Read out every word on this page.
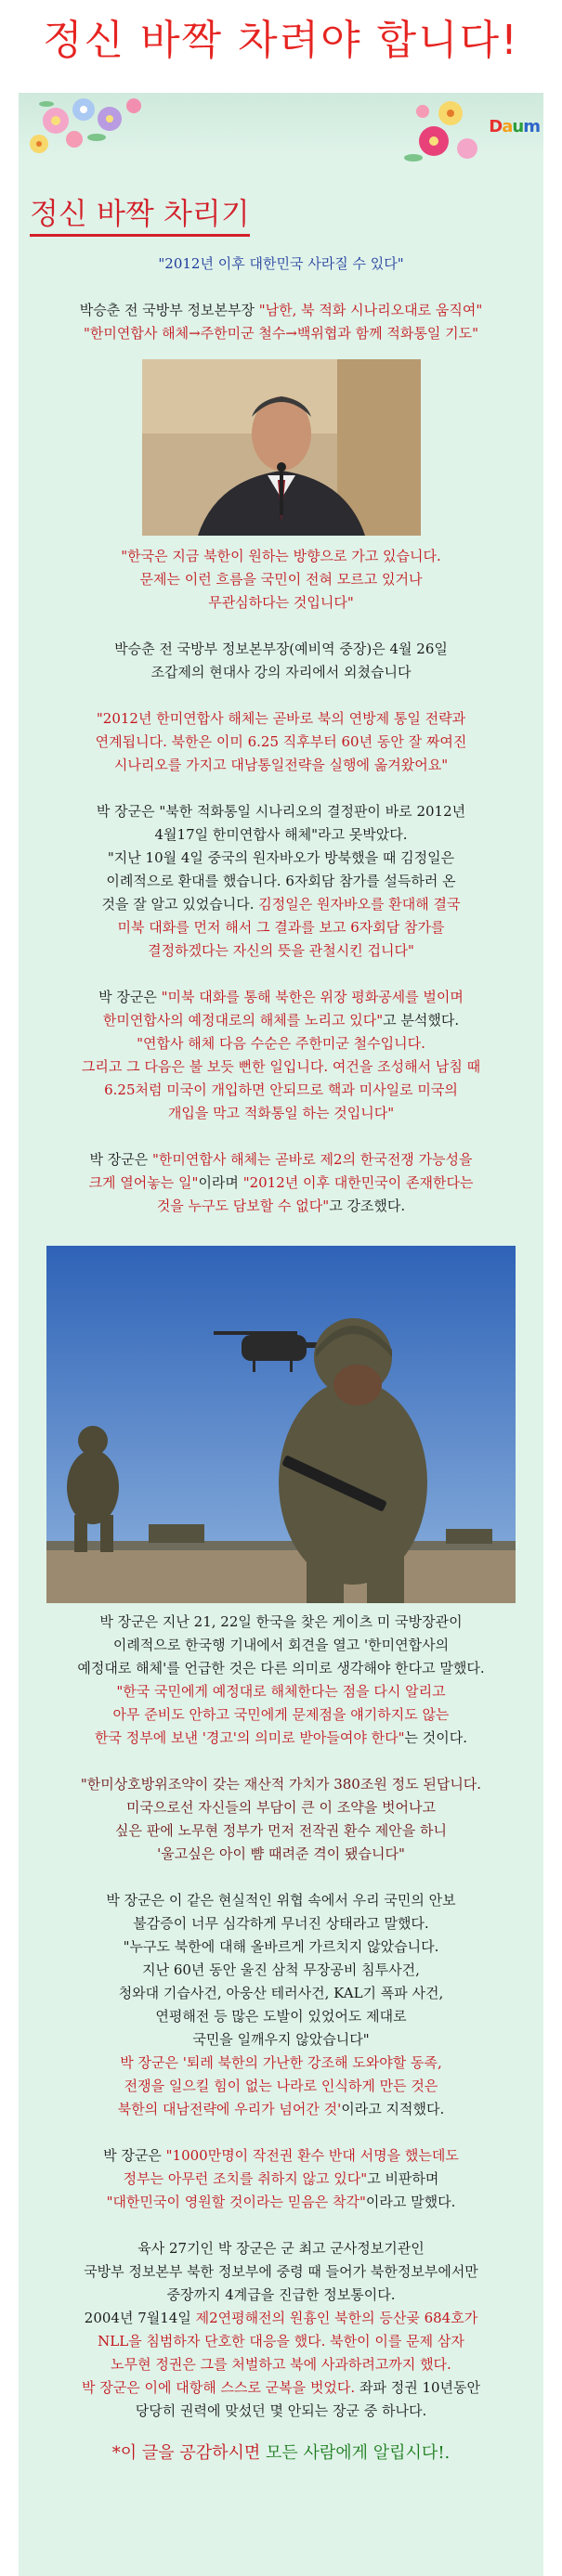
정신 바짝 차려야 합니다!
Daum
정신 바짝 차리기

"2012년 이후 대한민국 사라질 수 있다"

박승춘 전 국방부 정보본부장 "남한, 북 적화 시나리오대로 움직여"

"한미연합사 해체→주한미군 철수→백위협과 함께 적화통일 기도"

"한국은 지금 북한이 원하는 방향으로 가고 있습니다.

문제는 이런 흐름을 국민이 전혀 모르고 있거나

무관심하다는 것입니다"

박승춘 전 국방부 정보본부장(예비역 중장)은 4월 26일

조갑제의 현대사 강의 자리에서 외쳤습니다

"2012년 한미연합사 해체는 곧바로 북의 연방제 통일 전략과

연계됩니다. 북한은 이미 6.25 직후부터 60년 동안 잘 짜여진

시나리오를 가지고 대남통일전략을 실행에 옮겨왔어요"

박 장군은 "북한 적화통일 시나리오의 결정판이 바로 2012년

4월17일 한미연합사 해체"라고 못박았다.

"지난 10월 4일 중국의 원자바오가 방북했을 때 김정일은

이례적으로 환대를 했습니다. 6자회담 참가를 설득하러 온

것을 잘 알고 있었습니다. 김정일은 원자바오를 환대해 결국

미북 대화를 먼저 해서 그 결과를 보고 6자회담 참가를

결정하겠다는 자신의 뜻을 관철시킨 겁니다"

박 장군은 "미북 대화를 통해 북한은 위장 평화공세를 벌이며

한미연합사의 예정대로의 해체를 노리고 있다"고 분석했다.

"연합사 해체 다음 수순은 주한미군 철수입니다.

그리고 그 다음은 불 보듯 뻔한 일입니다. 여건을 조성해서 남침 때

6.25처럼 미국이 개입하면 안되므로 핵과 미사일로 미국의

개입을 막고 적화통일 하는 것입니다"

박 장군은 "한미연합사 해체는 곧바로 제2의 한국전쟁 가능성을

크게 열어놓는 일"이라며 "2012년 이후 대한민국이 존재한다는

것을 누구도 담보할 수 없다"고 강조했다.

박 장군은 지난 21, 22일 한국을 찾은 게이츠 미 국방장관이

이례적으로 한국행 기내에서 회견을 열고 '한미연합사의

예정대로 해체'를 언급한 것은 다른 의미로 생각해야 한다고 말했다.

"한국 국민에게 예정대로 해체한다는 점을 다시 알리고

아무 준비도 안하고 국민에게 문제점을 얘기하지도 않는

한국 정부에 보낸 '경고'의 의미로 받아들여야 한다"는 것이다.

"한미상호방위조약이 갖는 재산적 가치가 380조원 정도 된답니다.

미국으로선 자신들의 부담이 큰 이 조약을 벗어나고

싶은 판에 노무현 정부가 먼저 전작권 환수 제안을 하니

'울고싶은 아이 뺨 때려준 격이 됐습니다"

박 장군은 이 같은 현실적인 위협 속에서 우리 국민의 안보

불감증이 너무 심각하게 무너진 상태라고 말했다.

"누구도 북한에 대해 올바르게 가르치지 않았습니다.

지난 60년 동안 울진 삼척 무장공비 침투사건,

청와대 기습사건, 아웅산 테러사건, KAL기 폭파 사건,

연평해전 등 많은 도발이 있었어도 제대로

국민을 일깨우지 않았습니다"

박 장군은 '퇴레 북한의 가난한 강조해 도와야할 동족,

전쟁을 일으킬 힘이 없는 나라로 인식하게 만든 것은

북한의 대남전략에 우리가 넘어간 것'이라고 지적했다.

박 장군은 "1000만명이 작전권 환수 반대 서명을 했는데도

정부는 아무런 조치를 취하지 않고 있다"고 비판하며

"대한민국이 영원할 것이라는 믿음은 착각"이라고 말했다.

육사 27기인 박 장군은 군 최고 군사정보기관인

국방부 정보본부 북한 정보부에 중령 때 들어가 북한정보부에서만

중장까지 4계급을 진급한 정보통이다.

2004년 7월14일 제2연평해전의 원흉인 북한의 등산곶 684호가

NLL을 침범하자 단호한 대응을 했다. 북한이 이를 문제 삼자

노무현 정권은 그를 처벌하고 북에 사과하려고까지 했다.

박 장군은 이에 대항해 스스로 군복을 벗었다. 좌파 정권 10년동안

당당히 권력에 맞섰던 몇 안되는 장군 중 하나다.

*이 글을 공감하시면 모든 사람에게 알립시다!.
